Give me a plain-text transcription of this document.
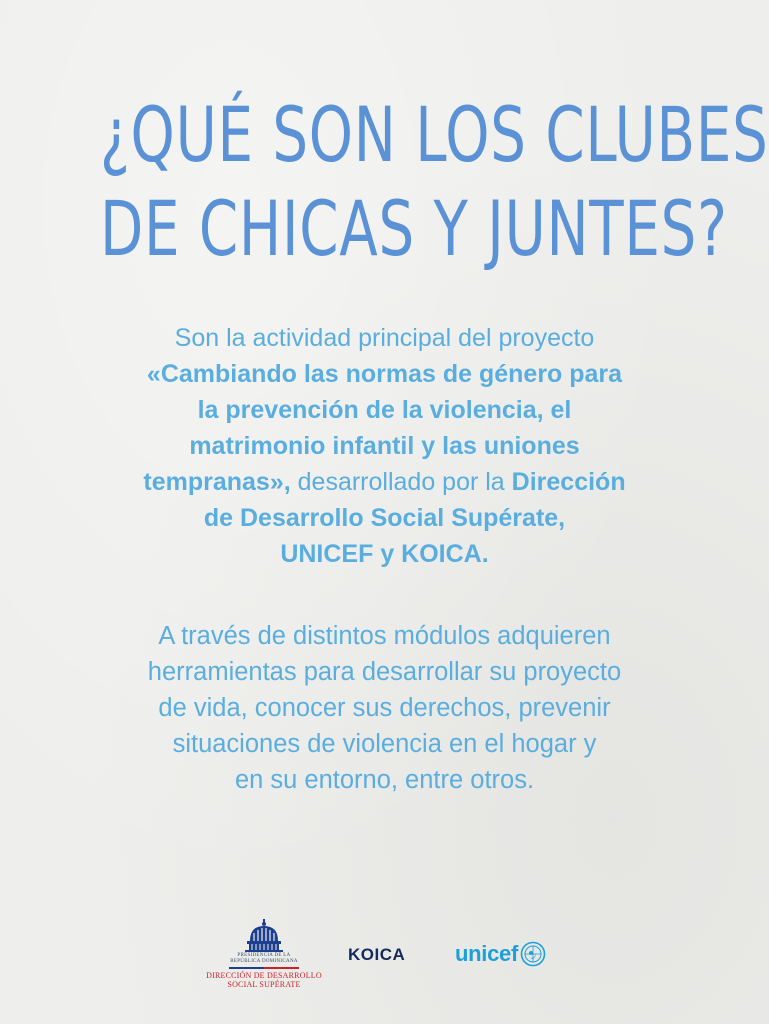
¿QUÉ SON LOS CLUBES
DE CHICAS Y JUNTES?
Son la actividad principal del proyecto
«Cambiando las normas de género para
la prevención de la violencia, el
matrimonio infantil y las uniones
tempranas», desarrollado por la Dirección
de Desarrollo Social Supérate,
UNICEF y KOICA.
A través de distintos módulos adquieren
herramientas para desarrollar su proyecto
de vida, conocer sus derechos, prevenir
situaciones de violencia en el hogar y
en su entorno, entre otros.
PRESIDENCIA DE LA
REPÚBLICA DOMINICANA
DIRECCIÓN DE DESARROLLO
SOCIAL SUPÉRATE
KOICA unicef
